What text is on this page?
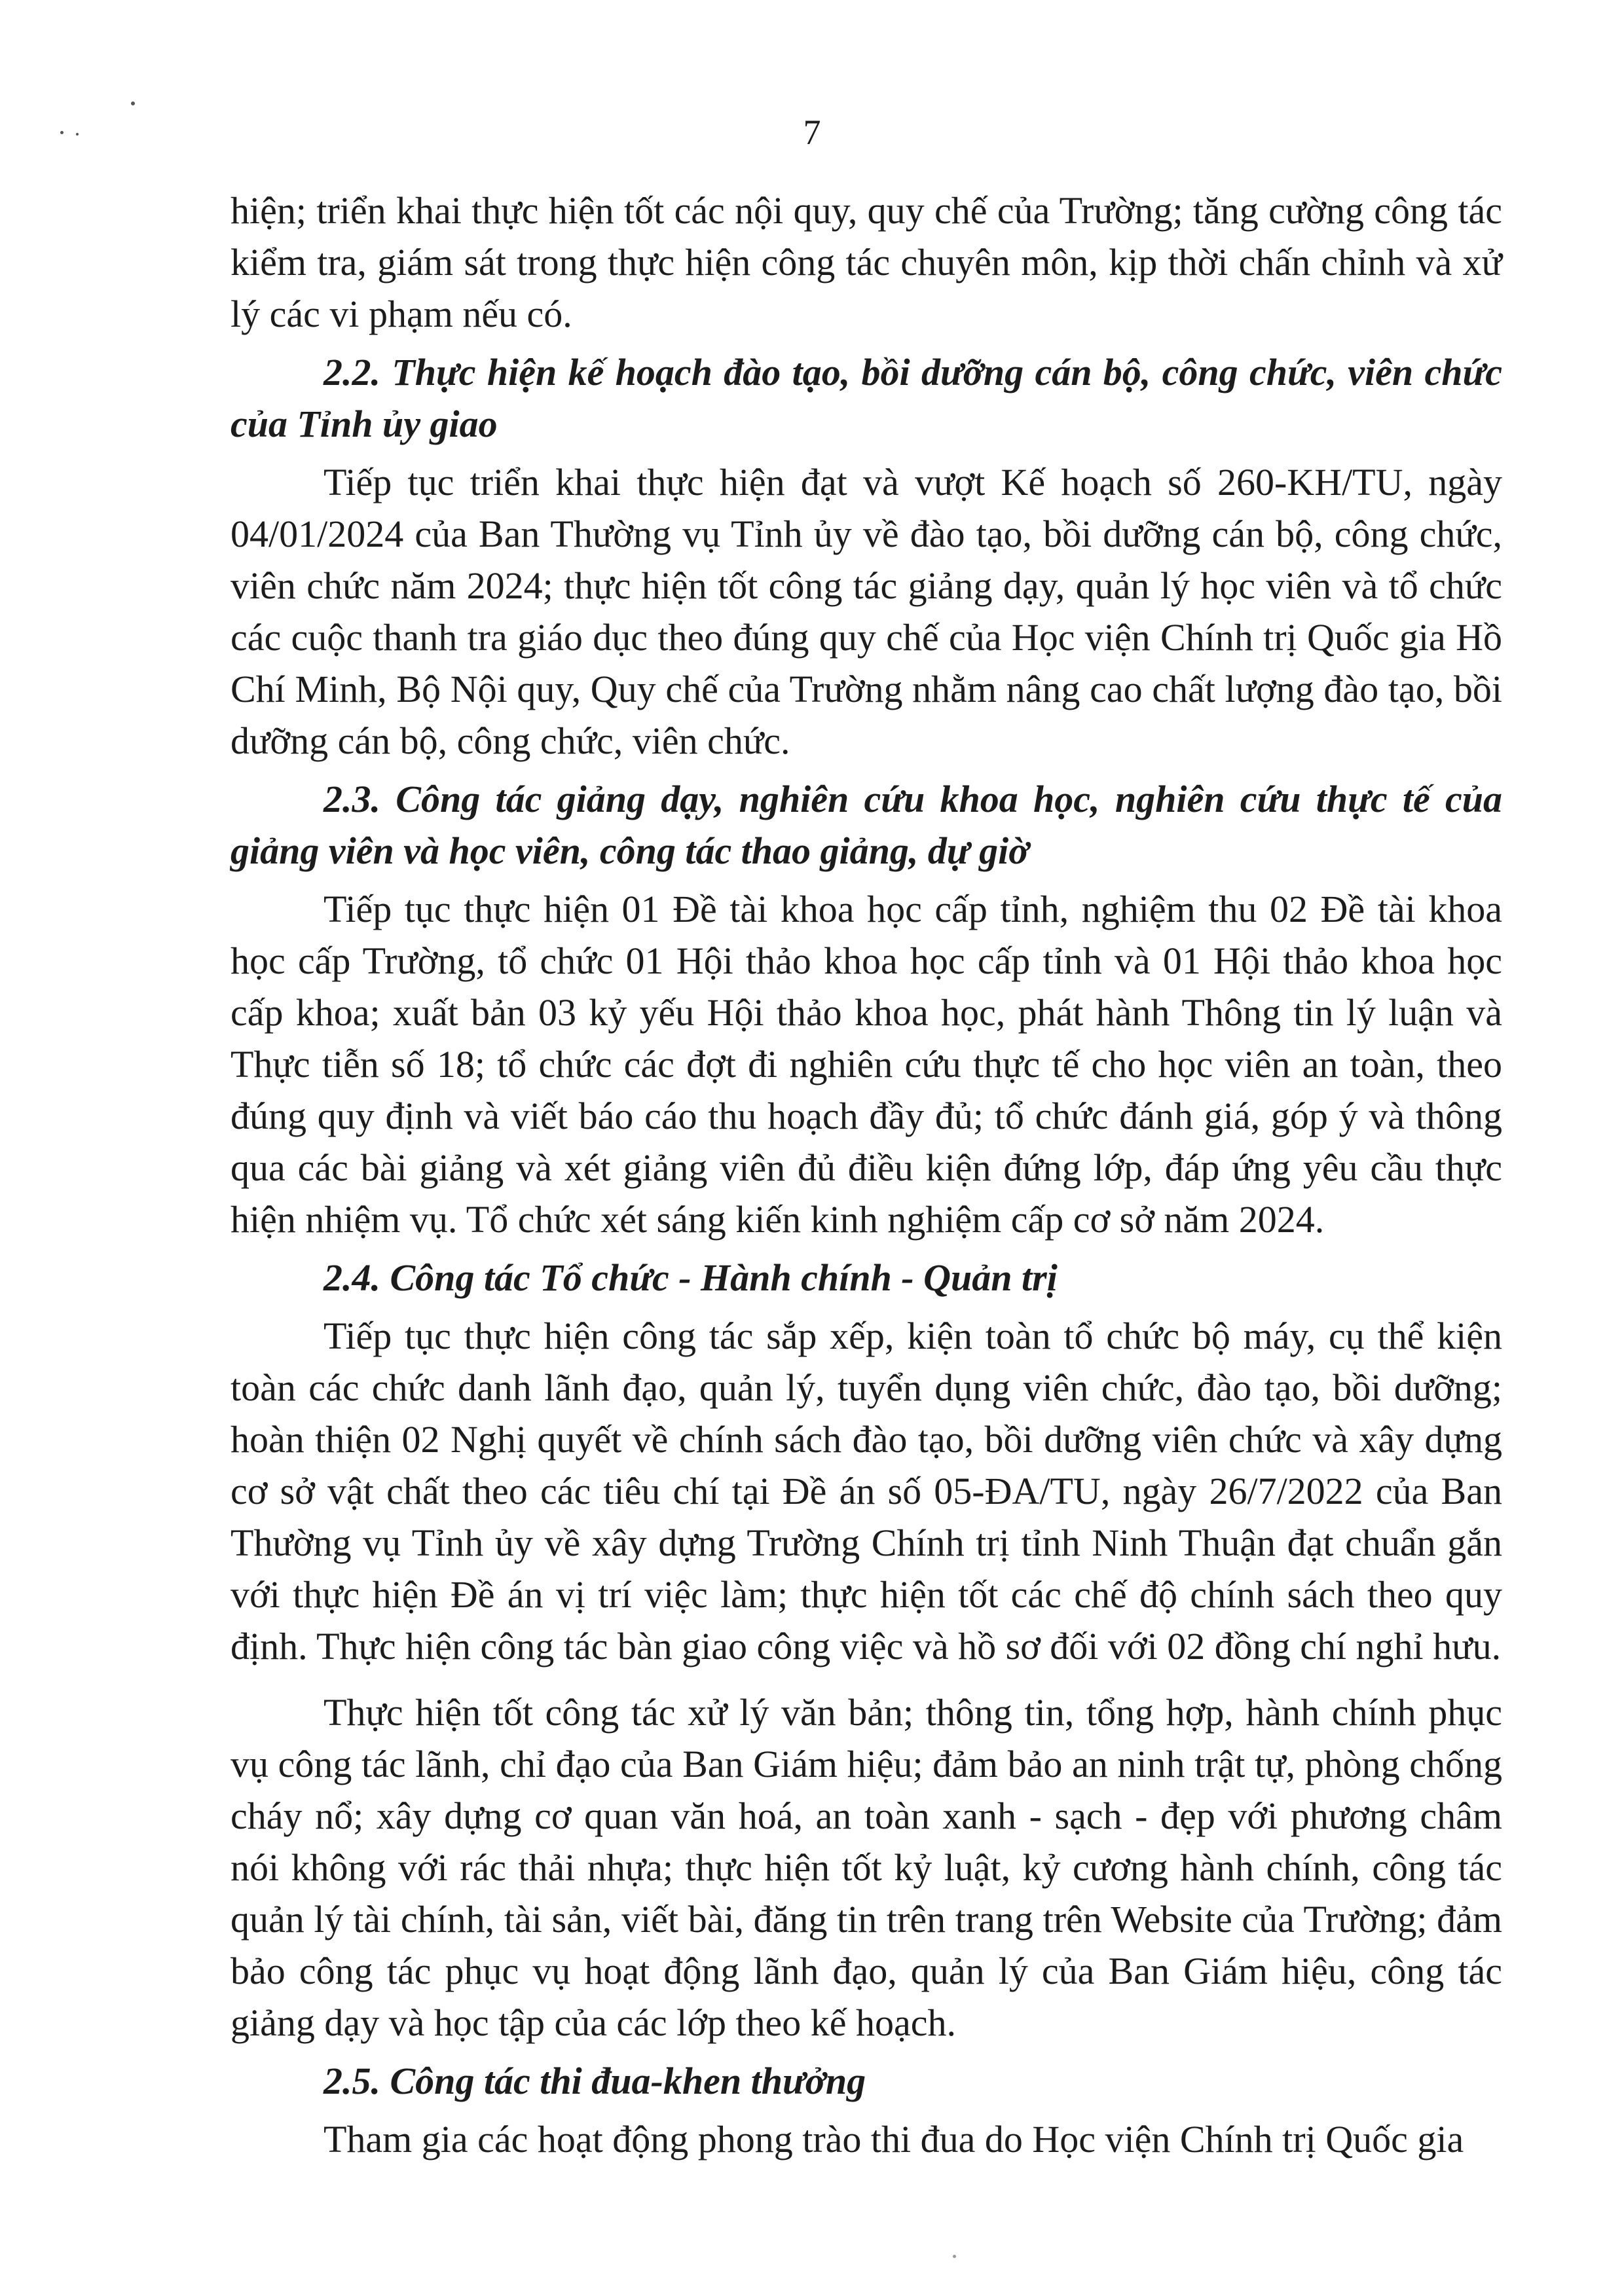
7

hiện; triển khai thực hiện tốt các nội quy, quy chế của Trường; tăng cường công tác kiểm tra, giám sát trong thực hiện công tác chuyên môn, kịp thời chấn chỉnh và xử lý các vi phạm nếu có.

2.2. Thực hiện kế hoạch đào tạo, bồi dưỡng cán bộ, công chức, viên chức của Tỉnh ủy giao

Tiếp tục triển khai thực hiện đạt và vượt Kế hoạch số 260-KH/TU, ngày 04/01/2024 của Ban Thường vụ Tỉnh ủy về đào tạo, bồi dưỡng cán bộ, công chức, viên chức năm 2024; thực hiện tốt công tác giảng dạy, quản lý học viên và tổ chức các cuộc thanh tra giáo dục theo đúng quy chế của Học viện Chính trị Quốc gia Hồ Chí Minh, Bộ Nội quy, Quy chế của Trường nhằm nâng cao chất lượng đào tạo, bồi dưỡng cán bộ, công chức, viên chức.

2.3. Công tác giảng dạy, nghiên cứu khoa học, nghiên cứu thực tế của giảng viên và học viên, công tác thao giảng, dự giờ

Tiếp tục thực hiện 01 Đề tài khoa học cấp tỉnh, nghiệm thu 02 Đề tài khoa học cấp Trường, tổ chức 01 Hội thảo khoa học cấp tỉnh và 01 Hội thảo khoa học cấp khoa; xuất bản 03 kỷ yếu Hội thảo khoa học, phát hành Thông tin lý luận và Thực tiễn số 18; tổ chức các đợt đi nghiên cứu thực tế cho học viên an toàn, theo đúng quy định và viết báo cáo thu hoạch đầy đủ; tổ chức đánh giá, góp ý và thông qua các bài giảng và xét giảng viên đủ điều kiện đứng lớp, đáp ứng yêu cầu thực hiện nhiệm vụ. Tổ chức xét sáng kiến kinh nghiệm cấp cơ sở năm 2024.

2.4. Công tác Tổ chức - Hành chính - Quản trị

Tiếp tục thực hiện công tác sắp xếp, kiện toàn tổ chức bộ máy, cụ thể kiện toàn các chức danh lãnh đạo, quản lý, tuyển dụng viên chức, đào tạo, bồi dưỡng; hoàn thiện 02 Nghị quyết về chính sách đào tạo, bồi dưỡng viên chức và xây dựng cơ sở vật chất theo các tiêu chí tại Đề án số 05-ĐA/TU, ngày 26/7/2022 của Ban Thường vụ Tỉnh ủy về xây dựng Trường Chính trị tỉnh Ninh Thuận đạt chuẩn gắn với thực hiện Đề án vị trí việc làm; thực hiện tốt các chế độ chính sách theo quy định. Thực hiện công tác bàn giao công việc và hồ sơ đối với 02 đồng chí nghỉ hưu.

Thực hiện tốt công tác xử lý văn bản; thông tin, tổng hợp, hành chính phục vụ công tác lãnh, chỉ đạo của Ban Giám hiệu; đảm bảo an ninh trật tự, phòng chống cháy nổ; xây dựng cơ quan văn hoá, an toàn xanh - sạch - đẹp với phương châm nói không với rác thải nhựa; thực hiện tốt kỷ luật, kỷ cương hành chính, công tác quản lý tài chính, tài sản, viết bài, đăng tin trên trang trên Website của Trường; đảm bảo công tác phục vụ hoạt động lãnh đạo, quản lý của Ban Giám hiệu, công tác giảng dạy và học tập của các lớp theo kế hoạch.

2.5. Công tác thi đua-khen thưởng

Tham gia các hoạt động phong trào thi đua do Học viện Chính trị Quốc gia
